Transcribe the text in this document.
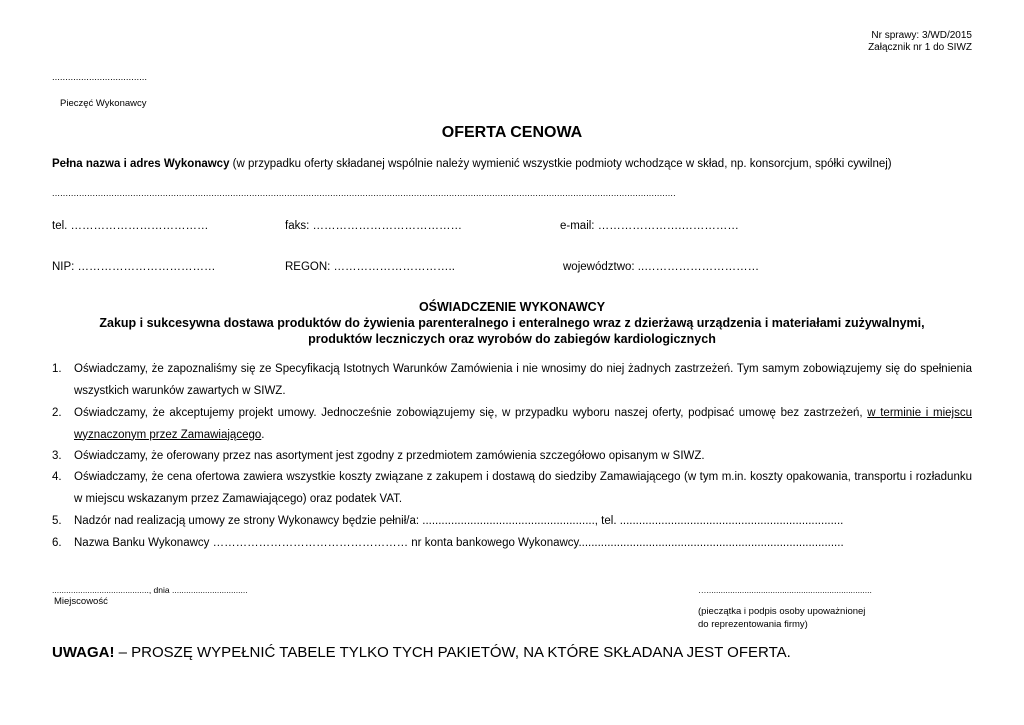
Nr sprawy: 3/WD/2015
Załącznik nr 1 do SIWZ
....................................
Pieczęć Wykonawcy
OFERTA CENOWA
Pełna nazwa i adres Wykonawcy (w przypadku oferty składanej wspólnie należy wymienić wszystkie podmioty wchodzące w skład, np. konsorcjum, spółki cywilnej)
.......................................................................................................................................................................................................................................
tel. ………………………………	faks: …………………………………	e-mail: ………………….……………
NIP: ………………………………	REGON: …………………………..	województwo: ..…………………………
OŚWIADCZENIE WYKONAWCY
Zakup i sukcesywna dostawa produktów do żywienia parenteralnego i enteralnego wraz z dzierżawą urządzenia i materiałami zużywalnymi,
produktów leczniczych oraz wyrobów do zabiegów kardiologicznych
1.	Oświadczamy, że zapoznaliśmy się ze Specyfikacją Istotnych Warunków Zamówienia i nie wnosimy do niej żadnych zastrzeżeń. Tym samym zobowiązujemy się do spełnienia wszystkich warunków zawartych w SIWZ.
2.	Oświadczamy, że akceptujemy projekt umowy. Jednocześnie zobowiązujemy się, w przypadku wyboru naszej oferty, podpisać umowę bez zastrzeżeń, w terminie i miejscu wyznaczonym przez Zamawiającego.
3.	Oświadczamy, że oferowany przez nas asortyment jest zgodny z przedmiotem zamówienia szczegółowo opisanym w SIWZ.
4.	Oświadczamy, że cena ofertowa zawiera wszystkie koszty związane z zakupem i dostawą do siedziby Zamawiającego (w tym m.in. koszty opakowania, transportu i rozładunku w miejscu wskazanym przez Zamawiającego) oraz podatek VAT.
5.	Nadzór nad realizacją umowy ze strony Wykonawcy będzie pełnił/a: ......................................................, tel. ......................................................................
6.	Nazwa Banku Wykonawcy …………………………………………… nr konta bankowego Wykonawcy...................................................................................
........................................., dnia ................................
Miejscowość
…......................................................................
(pieczątka i podpis osoby upoważnionej
do reprezentowania firmy)
UWAGA! – PROSZĘ WYPEŁNIĆ TABELE TYLKO TYCH PAKIETÓW, NA KTÓRE SKŁADANA JEST OFERTA.
